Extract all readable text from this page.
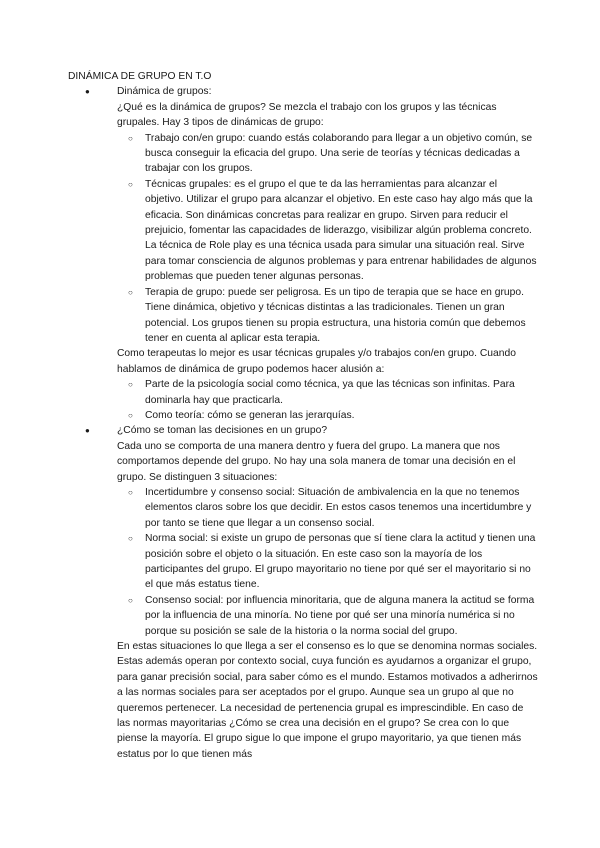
DINÁMICA DE GRUPO EN T.O

● Dinámica de grupos:

¿Qué es la dinámica de grupos? Se mezcla el trabajo con los grupos y las técnicas grupales. Hay 3 tipos de dinámicas de grupo:

○ Trabajo con/en grupo: cuando estás colaborando para llegar a un objetivo común, se busca conseguir la eficacia del grupo. Una serie de teorías y técnicas dedicadas a trabajar con los grupos.
○ Técnicas grupales: es el grupo el que te da las herramientas para alcanzar el objetivo. Utilizar el grupo para alcanzar el objetivo. En este caso hay algo más que la eficacia. Son dinámicas concretas para realizar en grupo. Sirven para reducir el prejuicio, fomentar las capacidades de liderazgo, visibilizar algún problema concreto. La técnica de Role play es una técnica usada para simular una situación real. Sirve para tomar consciencia de algunos problemas y para entrenar habilidades de algunos problemas que pueden tener algunas personas.
○ Terapia de grupo: puede ser peligrosa. Es un tipo de terapia que se hace en grupo. Tiene dinámica, objetivo y técnicas distintas a las tradicionales. Tienen un gran potencial. Los grupos tienen su propia estructura, una historia común que debemos tener en cuenta al aplicar esta terapia.

Como terapeutas lo mejor es usar técnicas grupales y/o trabajos con/en grupo. Cuando hablamos de dinámica de grupo podemos hacer alusión a:

○ Parte de la psicología social como técnica, ya que las técnicas son infinitas. Para dominarla hay que practicarla.
○ Como teoría: cómo se generan las jerarquías.

● ¿Cómo se toman las decisiones en un grupo?

Cada uno se comporta de una manera dentro y fuera del grupo. La manera que nos comportamos depende del grupo. No hay una sola manera de tomar una decisión en el grupo. Se distinguen 3 situaciones:

○ Incertidumbre y consenso social: Situación de ambivalencia en la que no tenemos elementos claros sobre los que decidir. En estos casos tenemos una incertidumbre y por tanto se tiene que llegar a un consenso social.
○ Norma social: si existe un grupo de personas que sí tiene clara la actitud y tienen una posición sobre el objeto o la situación. En este caso son la mayoría de los participantes del grupo. El grupo mayoritario no tiene por qué ser el mayoritario si no el que más estatus tiene.
○ Consenso social: por influencia minoritaria, que de alguna manera la actitud se forma por la influencia de una minoría. No tiene por qué ser una minoría numérica si no porque su posición se sale de la historia o la norma social del grupo.

En estas situaciones lo que llega a ser el consenso es lo que se denomina normas sociales. Estas además operan por contexto social, cuya función es ayudarnos a organizar el grupo, para ganar precisión social, para saber cómo es el mundo. Estamos motivados a adherirnos a las normas sociales para ser aceptados por el grupo. Aunque sea un grupo al que no queremos pertenecer. La necesidad de pertenencia grupal es imprescindible. En caso de las normas mayoritarias ¿Cómo se crea una decisión en el grupo? Se crea con lo que piense la mayoría. El grupo sigue lo que impone el grupo mayoritario, ya que tienen más estatus por lo que tienen más
